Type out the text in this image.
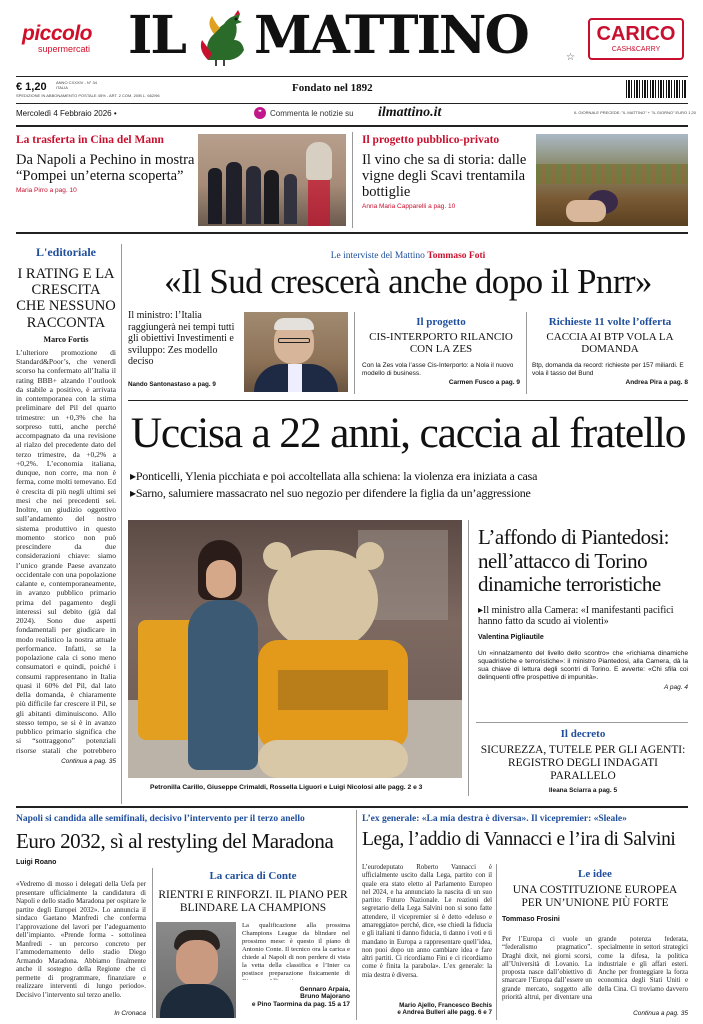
piccolo
supermercati IL MATTINO	☆
CARICO
CASH&CARRY
€ 1,20 ANNO CXXXIV - N° 34
ITALIA
SPEDIZIONE IN ABBONAMENTO POSTALE 45% - ART. 2 COM. 20/B L. 662/96
Fondato nel 1892
Mercoledì 4 Febbraio 2026 •	❞	Commenta le notizie su ilmattino.it	IL GIORNALE PRECEDE: "IL MATTINO" + "IL GIORNO" EURO 1,20
La trasferta in Cina del Mann
Da Napoli a Pechino in mostra “Pompei un’eterna scoperta”
Maria Pirro a pag. 10
Il progetto pubblico-privato
Il vino che sa di storia: dalle vigne degli Scavi trentamila bottiglie
Anna Maria Capparelli a pag. 10
L'editoriale
I RATING E LA CRESCITA CHE NESSUNO RACCONTA
Marco Fortis
L’ulteriore promozione di Standard&Poor’s, che venerdì scorso ha confermato all’Italia il rating BBB+ alzando l’outlook da stabile a positivo, è arrivata in contemporanea con la stima preliminare del Pil del quarto trimestre: un +0,3% che ha sorpreso tutti, anche perché accompagnato da una revisione al rialzo del precedente dato del terzo trimestre, da +0,2% a +0,2%. L’economia italiana, dunque, non corre, ma non è ferma, come molti temevano. Ed è crescita di più negli ultimi sei mesi che nei precedenti sei. Inoltre, un giudizio oggettivo sull’andamento del nostro sistema produttivo in questo momento storico non può prescindere da due considerazioni chiave: siamo l’unico grande Paese avanzato occidentale con una popolazione calante e, contemporaneamente, in avanzo pubblico primario prima del pagamento degli interessi sul debito (già dal 2024). Sono due aspetti fondamentali per giudicare in modo realistico la nostra attuale performance. Infatti, se la popolazione cala ci sono meno consumatori e quindi, poiché i consumi rappresentano in Italia quasi il 60% del Pil, dal lato della domanda, è chiaramente più difficile far crescere il Pil, se gli abitanti diminuiscono. Allo stesso tempo, se si è in avanzo pubblico primario significa che si “sottraggono” potenziali risorse statali che potrebbero
Continua a pag. 35
Le interviste del Mattino Tommaso Foti
«Il Sud crescerà anche dopo il Pnrr»
Il ministro: l’Italia raggiungerà nei tempi tutti gli obiettivi Investimenti e sviluppo: Zes modello deciso
Nando Santonastaso a pag. 9
Il progetto
CIS-INTERPORTO RILANCIO CON LA ZES
Con la Zes vola l’asse Cis-Interporto: a Nola il nuovo modello di business.
Carmen Fusco a pag. 9
Richieste 11 volte l’offerta
CACCIA AI BTP VOLA LA DOMANDA
Btp, domanda da record: richieste per 157 miliardi. E vola il tasso del Bund
Andrea Pira a pag. 8
Uccisa a 22 anni, caccia al fratello
▸Ponticelli, Ylenia picchiata e poi accoltellata alla schiena: la violenza era iniziata a casa
▸Sarno, salumiere massacrato nel suo negozio per difendere la figlia da un’aggressione
Petronilla Carillo, Giuseppe Crimaldi, Rossella Liguori e Luigi Nicolosi alle pagg. 2 e 3
L’affondo di Piantedosi: nell’attacco di Torino dinamiche terroristiche
▸Il ministro alla Camera: «I manifestanti pacifici hanno fatto da scudo ai violenti»
Valentina Pigliautile
Un «innalzamento del livello dello scontro» che «richiama dinamiche squadristiche e terroristiche»: il ministro Piantedosi, alla Camera, dà la sua chiave di lettura degli scontri di Torino. E avverte: «Chi sfila coi delinquenti offre prospettive di impunità».
A pag. 4
Il decreto
SICUREZZA, TUTELE PER GLI AGENTI: REGISTRO DEGLI INDAGATI PARALLELO
Ileana Sciarra a pag. 5
Napoli si candida alle semifinali, decisivo l’intervento per il terzo anello
Euro 2032, sì al restyling del Maradona
Luigi Roano
«Vedremo di mosso i delegati della Uefa per presentare ufficialmente la candidatura di Napoli e dello stadio Maradona per ospitare le partite degli Europei 2032». Lo annuncia il sindaco Gaetano Manfredi che conferma l’approvazione del lavori per l’adeguamento dell’impianto. «Prende forma - sottolinea Manfredi - un percorso concreto per l’ammodernamento dello stadio Diego Armando Maradona. Abbiamo finalmente anche il sostegno della Regione che ci permette di programmare, finanziare e realizzare interventi di lungo periodo». Decisivo l’intervento sul terzo anello.
In Cronaca
La carica di Conte
RIENTRI E RINFORZI. IL PIANO PER BLINDARE LA CHAMPIONS
La qualificazione alla prossima Champions League da blindare nel prossimo mese: è questo il piano di Antonio Conte. Il tecnico ora la carica e chiede al Napoli di non perdere di vista la vetta della classifica e l’Inter ca postisce preparazione fisicamente di
Gennaro Arpaia,
Bruno Majorano
e Pino Taormina da pag. 15 a 17
L’ex generale: «La mia destra è diversa». Il vicepremier: «Sleale»
Lega, l’addio di Vannacci e l’ira di Salvini
L’eurodeputato Roberto Vannacci è ufficialmente uscito dalla Lega, partito con il quale era stato eletto al Parlamento Europeo nel 2024, e ha annunciato la nascita di un suo partito: Futuro Nazionale. Le reazioni del segretario della Lega Salvini non si sono fatte attendere, il vicepremier si è detto «deluso e amareggiato» perché, dice, «se chiedi la fiducia e gli italiani ti danno fiducia, ti danno i voti e ti mandano in Europa a rappresentare quell’idea, non puoi dopo un anno cambiare idea e fare altri partiti. Ci ricordiamo Fini e ci ricordiamo come è finita la parabola». L’ex generale: la mia destra è diversa.
Mario Ajello, Francesco Bechis
e Andrea Bulleri alle pagg. 6 e 7
Le idee
UNA COSTITUZIONE EUROPEA PER UN’UNIONE PIÙ FORTE
Tommaso Frosini
Per l’Europa ci vuole un “federalismo pragmatico”. Draghi dixit, nei giorni scorsi, all’Università di Lovanio. La proposta nasce dall’obiettivo di smarcare l’Europa dall’essere un grande mercato, soggetto alle priorità altrui, per diventare una grande potenza federata, specialmente in settori strategici come la difesa, la politica industriale e gli affari esteri. Anche per fronteggiare la forza economica degli Stati Uniti e della Cina. Ci troviamo davvero
Continua a pag. 35
